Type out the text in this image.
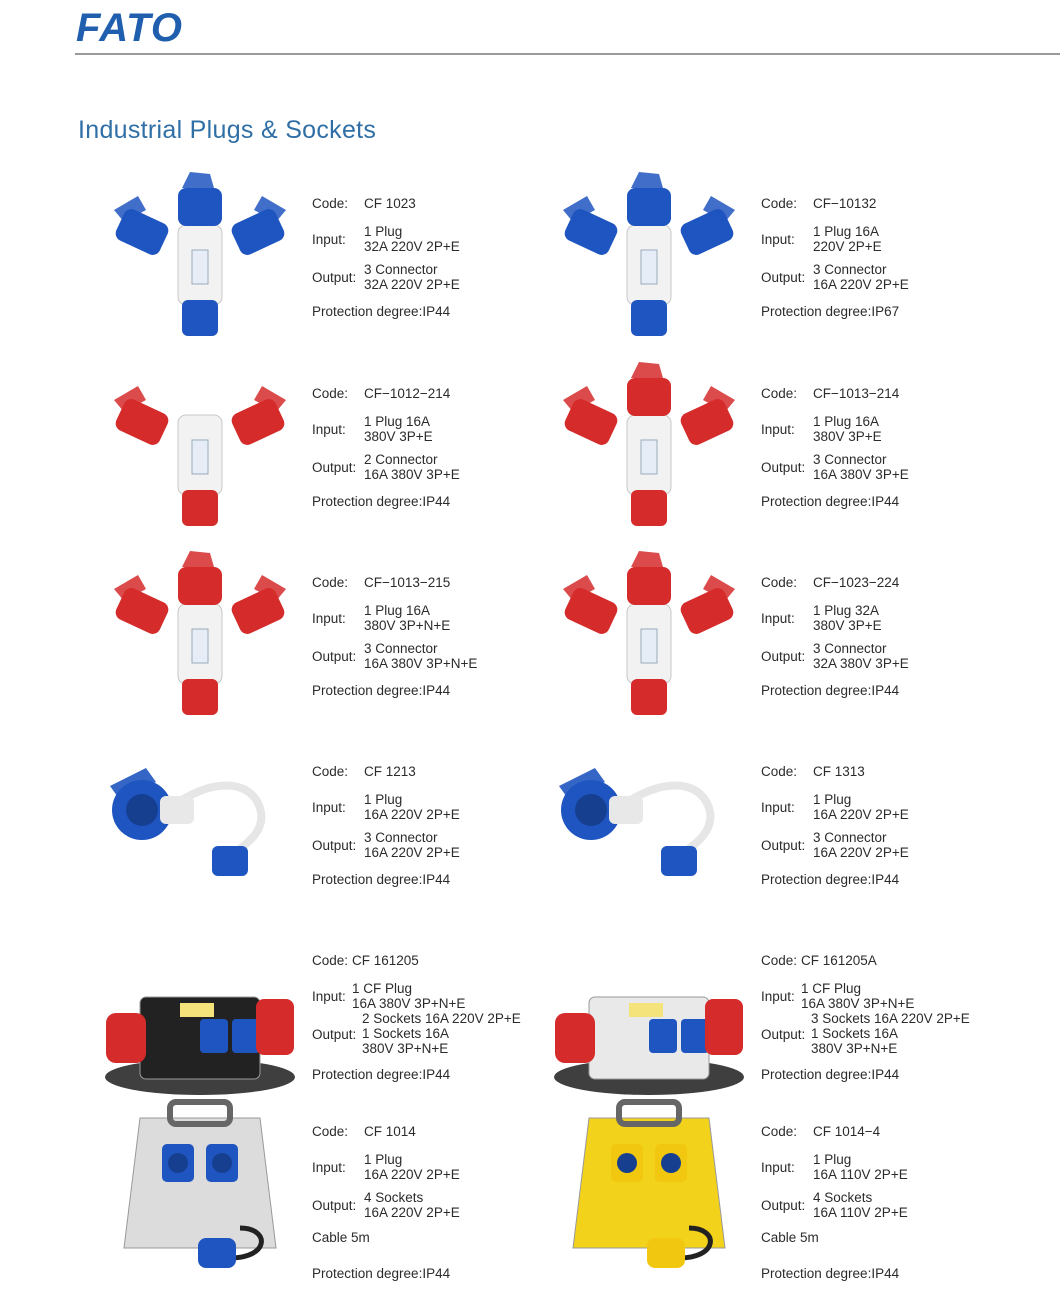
FATO
Industrial Plugs & Sockets
Code: CF 1023
Input:
1 Plug
32A 220V 2P+E
Output:
3 Connector
32A 220V 2P+E
Protection degree:IP44
Code: CF−10132
Input:
1 Plug 16A
220V 2P+E
Output:
3 Connector
16A 220V 2P+E
Protection degree:IP67
Code: CF−1012−214
Input:
1 Plug 16A
380V 3P+E
Output:
2 Connector
16A 380V 3P+E
Protection degree:IP44
Code: CF−1013−214
Input:
1 Plug 16A
380V 3P+E
Output:
3 Connector
16A 380V 3P+E
Protection degree:IP44
Code: CF−1013−215
Input:
1 Plug 16A
380V 3P+N+E
Output:
3 Connector
16A 380V 3P+N+E
Protection degree:IP44
Code: CF−1023−224
Input:
1 Plug 32A
380V 3P+E
Output:
3 Connector
32A 380V 3P+E
Protection degree:IP44
Code: CF 1213
Input:
1 Plug
16A 220V 2P+E
Output:
3 Connector
16A 220V 2P+E
Protection degree:IP44
Code: CF 1313
Input:
1 Plug
16A 220V 2P+E
Output:
3 Connector
16A 220V 2P+E
Protection degree:IP44
Code: CF 161205
Input:
1 CF Plug
16A 380V 3P+N+E
Output:
2 Sockets 16A 220V 2P+E
1 Sockets 16A
380V 3P+N+E
Protection degree:IP44
Code: CF 161205A
Input:
1 CF Plug
16A 380V 3P+N+E
Output:
3 Sockets 16A 220V 2P+E
1 Sockets 16A
380V 3P+N+E
Protection degree:IP44
Code: CF 1014
Input:
1 Plug
16A 220V 2P+E
Output:
4 Sockets
16A 220V 2P+E
Cable 5m
Protection degree:IP44
Code: CF 1014−4
Input:
1 Plug
16A 110V 2P+E
Output:
4 Sockets
16A 110V 2P+E
Cable 5m
Protection degree:IP44
